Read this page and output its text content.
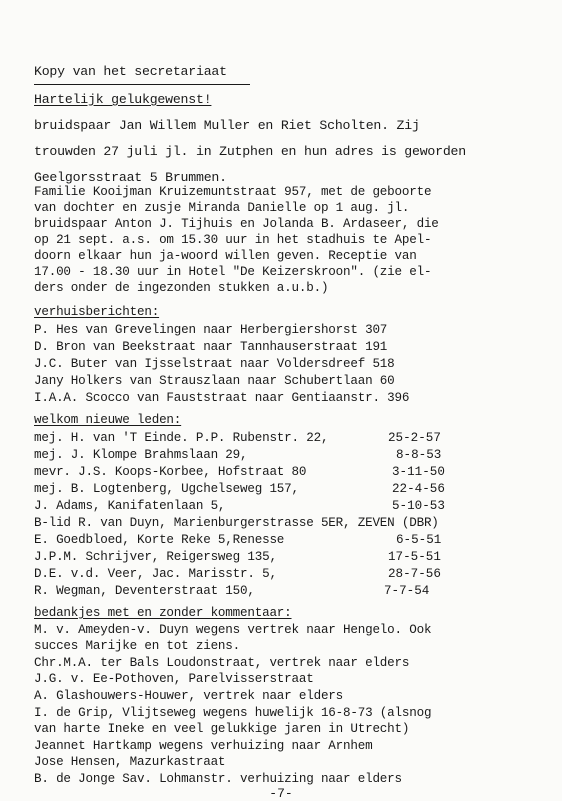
Kopy van het secretariaat
Hartelijk gelukgewenst!
bruidspaar Jan Willem Muller en Riet Scholten. Zij
trouwden 27 juli jl. in Zutphen en hun adres is geworden
Geelgorsstraat 5 Brummen.
Familie Kooijman Kruizemuntstraat 957, met de geboorte
van dochter en zusje Miranda Danielle op 1 aug. jl.
bruidspaar Anton J. Tijhuis en Jolanda B. Ardaseer, die
op 21 sept. a.s. om 15.30 uur in het stadhuis te Apel-
doorn elkaar hun ja-woord willen geven. Receptie van
17.00 - 18.30 uur in Hotel "De Keizerskroon". (zie el-
ders onder de ingezonden stukken a.u.b.)
verhuisberichten:
P. Hes van Grevelingen naar Herbergiershorst 307
D. Bron van Beekstraat naar Tannhauserstraat 191
J.C. Buter van Ijsselstraat naar Voldersdreef 518
Jany Holkers van Strauszlaan naar Schubertlaan 60
I.A.A. Scocco van Fauststraat naar Gentiaanstr. 396
welkom nieuwe leden:
mej. H. van 'T Einde. P.P. Rubenstr. 22,	25-2-57
mej. J. Klompe Brahmslaan 29,	8-8-53
mevr. J.S. Koops-Korbee, Hofstraat 80	3-11-50
mej. B. Logtenberg, Ugchelseweg 157,	22-4-56
J. Adams, Kanifatenlaan 5,	5-10-53
B-lid R. van Duyn, Marienburgerstrasse 5ER, ZEVEN (DBR)
E. Goedbloed, Korte Reke 5,Renesse	6-5-51
J.P.M. Schrijver, Reigersweg 135,	17-5-51
D.E. v.d. Veer, Jac. Marisstr. 5,	28-7-56
R. Wegman, Deventerstraat 150,	7-7-54
bedankjes met en zonder kommentaar:
M. v. Ameyden-v. Duyn wegens vertrek naar Hengelo. Ook
succes Marijke en tot ziens.
Chr.M.A. ter Bals Loudonstraat, vertrek naar elders
J.G. v. Ee-Pothoven, Parelvisserstraat
A. Glashouwers-Houwer, vertrek naar elders
I. de Grip, Vlijtseweg wegens huwelijk 16-8-73 (alsnog
van harte Ineke en veel gelukkige jaren in Utrecht)
Jeannet Hartkamp wegens verhuizing naar Arnhem
Jose Hensen, Mazurkastraat
B. de Jonge Sav. Lohmanstr. verhuizing naar elders
-7-
